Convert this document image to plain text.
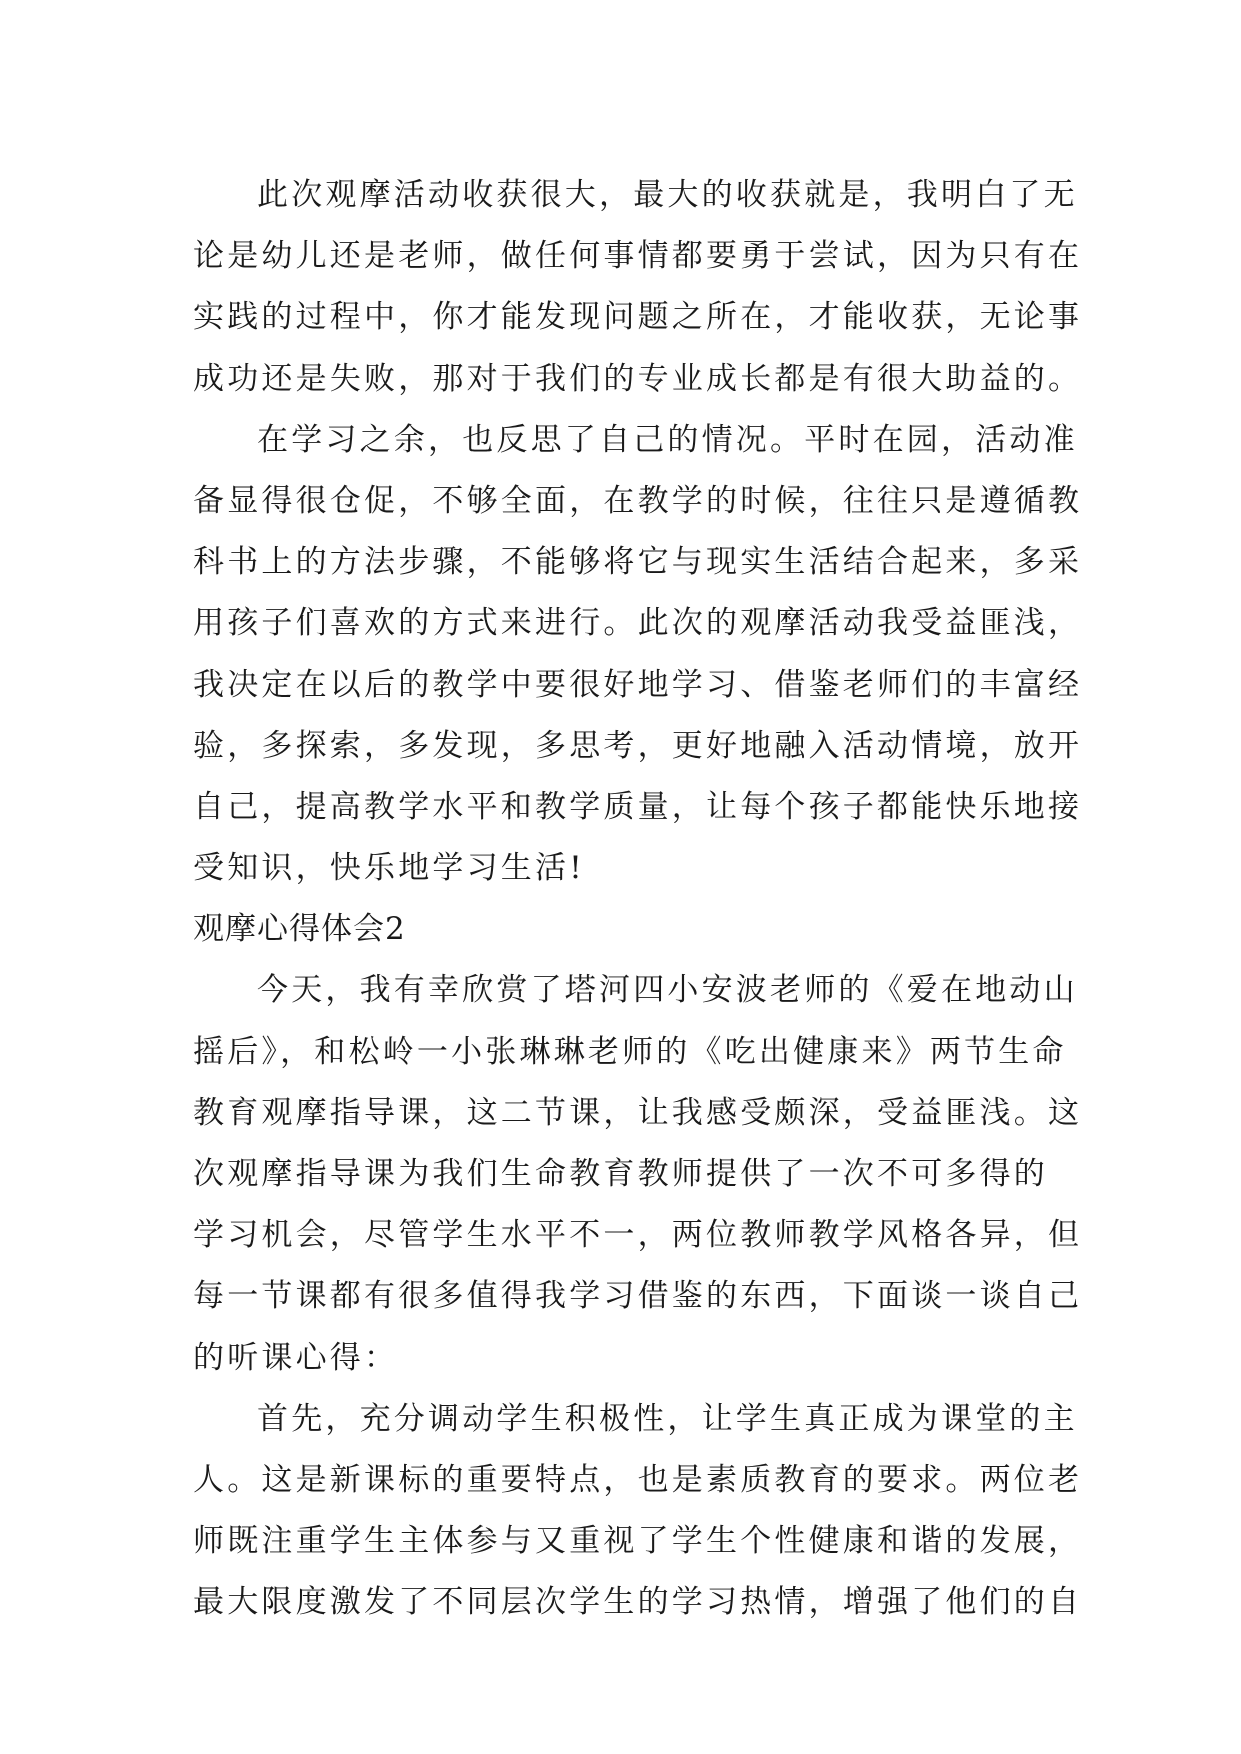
此次观摩活动收获很大，最大的收获就是，我明白了无
论是幼儿还是老师，做任何事情都要勇于尝试，因为只有在
实践的过程中，你才能发现问题之所在，才能收获，无论事
成功还是失败，那对于我们的专业成长都是有很大助益的。
在学习之余，也反思了自己的情况。平时在园，活动准
备显得很仓促，不够全面，在教学的时候，往往只是遵循教
科书上的方法步骤，不能够将它与现实生活结合起来，多采
用孩子们喜欢的方式来进行。此次的观摩活动我受益匪浅，
我决定在以后的教学中要很好地学习、借鉴老师们的丰富经
验，多探索，多发现，多思考，更好地融入活动情境，放开
自己，提高教学水平和教学质量，让每个孩子都能快乐地接
受知识，快乐地学习生活!
观摩心得体会2
今天，我有幸欣赏了塔河四小安波老师的《爱在地动山
摇后》，和松岭一小张琳琳老师的《吃出健康来》两节生命
教育观摩指导课，这二节课，让我感受颇深，受益匪浅。这
次观摩指导课为我们生命教育教师提供了一次不可多得的
学习机会，尽管学生水平不一，两位教师教学风格各异，但
每一节课都有很多值得我学习借鉴的东西，下面谈一谈自己
的听课心得：
首先，充分调动学生积极性，让学生真正成为课堂的主
人。这是新课标的重要特点，也是素质教育的要求。两位老
师既注重学生主体参与又重视了学生个性健康和谐的发展，
最大限度激发了不同层次学生的学习热情，增强了他们的自
